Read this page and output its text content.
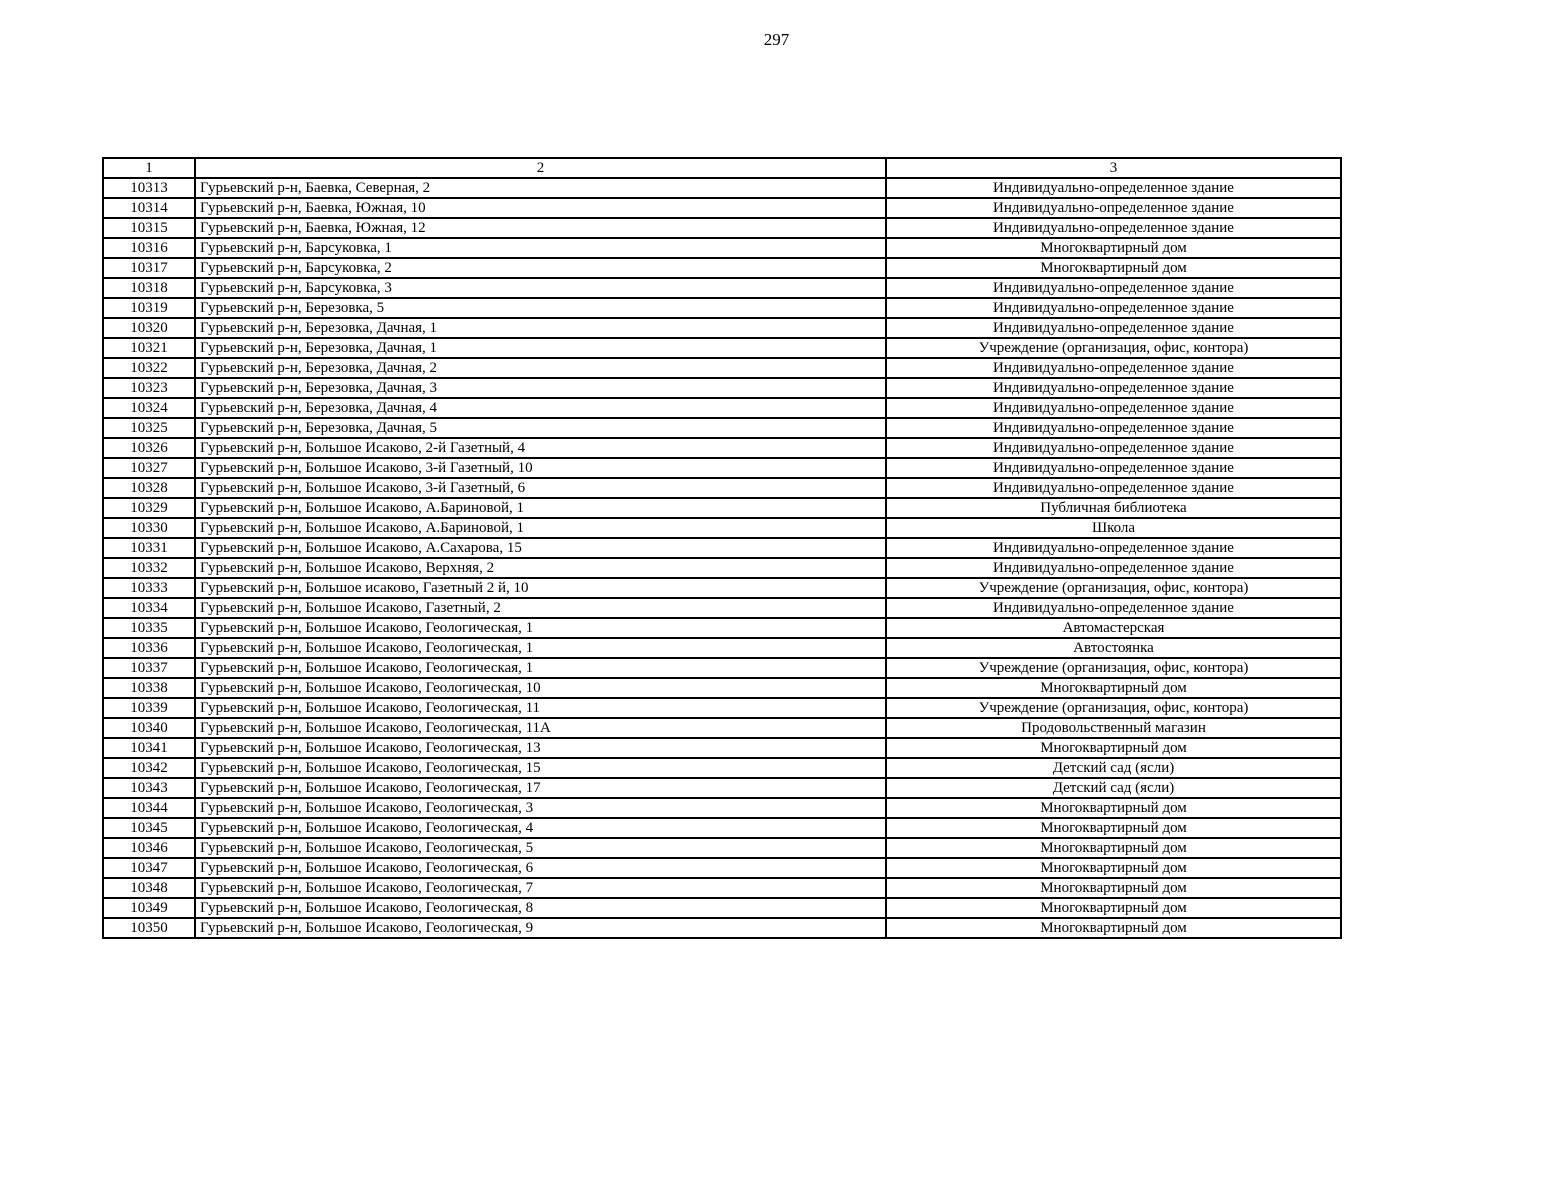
297
1	2	3
10313	Гурьевский р-н, Баевка, Северная, 2	Индивидуально-определенное здание
10314	Гурьевский р-н, Баевка, Южная, 10	Индивидуально-определенное здание
10315	Гурьевский р-н, Баевка, Южная, 12	Индивидуально-определенное здание
10316	Гурьевский р-н, Барсуковка, 1	Многоквартирный дом
10317	Гурьевский р-н, Барсуковка, 2	Многоквартирный дом
10318	Гурьевский р-н, Барсуковка, 3	Индивидуально-определенное здание
10319	Гурьевский р-н, Березовка, 5	Индивидуально-определенное здание
10320	Гурьевский р-н, Березовка, Дачная, 1	Индивидуально-определенное здание
10321	Гурьевский р-н, Березовка, Дачная, 1	Учреждение (организация, офис, контора)
10322	Гурьевский р-н, Березовка, Дачная, 2	Индивидуально-определенное здание
10323	Гурьевский р-н, Березовка, Дачная, 3	Индивидуально-определенное здание
10324	Гурьевский р-н, Березовка, Дачная, 4	Индивидуально-определенное здание
10325	Гурьевский р-н, Березовка, Дачная, 5	Индивидуально-определенное здание
10326	Гурьевский р-н, Большое Исаково, 2-й Газетный, 4	Индивидуально-определенное здание
10327	Гурьевский р-н, Большое Исаково, 3-й Газетный, 10	Индивидуально-определенное здание
10328	Гурьевский р-н, Большое Исаково, 3-й Газетный, 6	Индивидуально-определенное здание
10329	Гурьевский р-н, Большое Исаково, А.Бариновой, 1	Публичная библиотека
10330	Гурьевский р-н, Большое Исаково, А.Бариновой, 1	Школа
10331	Гурьевский р-н, Большое Исаково, А.Сахарова, 15	Индивидуально-определенное здание
10332	Гурьевский р-н, Большое Исаково, Верхняя, 2	Индивидуально-определенное здание
10333	Гурьевский р-н, Большое исаково, Газетный 2 й, 10	Учреждение (организация, офис, контора)
10334	Гурьевский р-н, Большое Исаково, Газетный, 2	Индивидуально-определенное здание
10335	Гурьевский р-н, Большое Исаково, Геологическая, 1	Автомастерская
10336	Гурьевский р-н, Большое Исаково, Геологическая, 1	Автостоянка
10337	Гурьевский р-н, Большое Исаково, Геологическая, 1	Учреждение (организация, офис, контора)
10338	Гурьевский р-н, Большое Исаково, Геологическая, 10	Многоквартирный дом
10339	Гурьевский р-н, Большое Исаково, Геологическая, 11	Учреждение (организация, офис, контора)
10340	Гурьевский р-н, Большое Исаково, Геологическая, 11А	Продовольственный магазин
10341	Гурьевский р-н, Большое Исаково, Геологическая, 13	Многоквартирный дом
10342	Гурьевский р-н, Большое Исаково, Геологическая, 15	Детский сад (ясли)
10343	Гурьевский р-н, Большое Исаково, Геологическая, 17	Детский сад (ясли)
10344	Гурьевский р-н, Большое Исаково, Геологическая, 3	Многоквартирный дом
10345	Гурьевский р-н, Большое Исаково, Геологическая, 4	Многоквартирный дом
10346	Гурьевский р-н, Большое Исаково, Геологическая, 5	Многоквартирный дом
10347	Гурьевский р-н, Большое Исаково, Геологическая, 6	Многоквартирный дом
10348	Гурьевский р-н, Большое Исаково, Геологическая, 7	Многоквартирный дом
10349	Гурьевский р-н, Большое Исаково, Геологическая, 8	Многоквартирный дом
10350	Гурьевский р-н, Большое Исаково, Геологическая, 9	Многоквартирный дом
